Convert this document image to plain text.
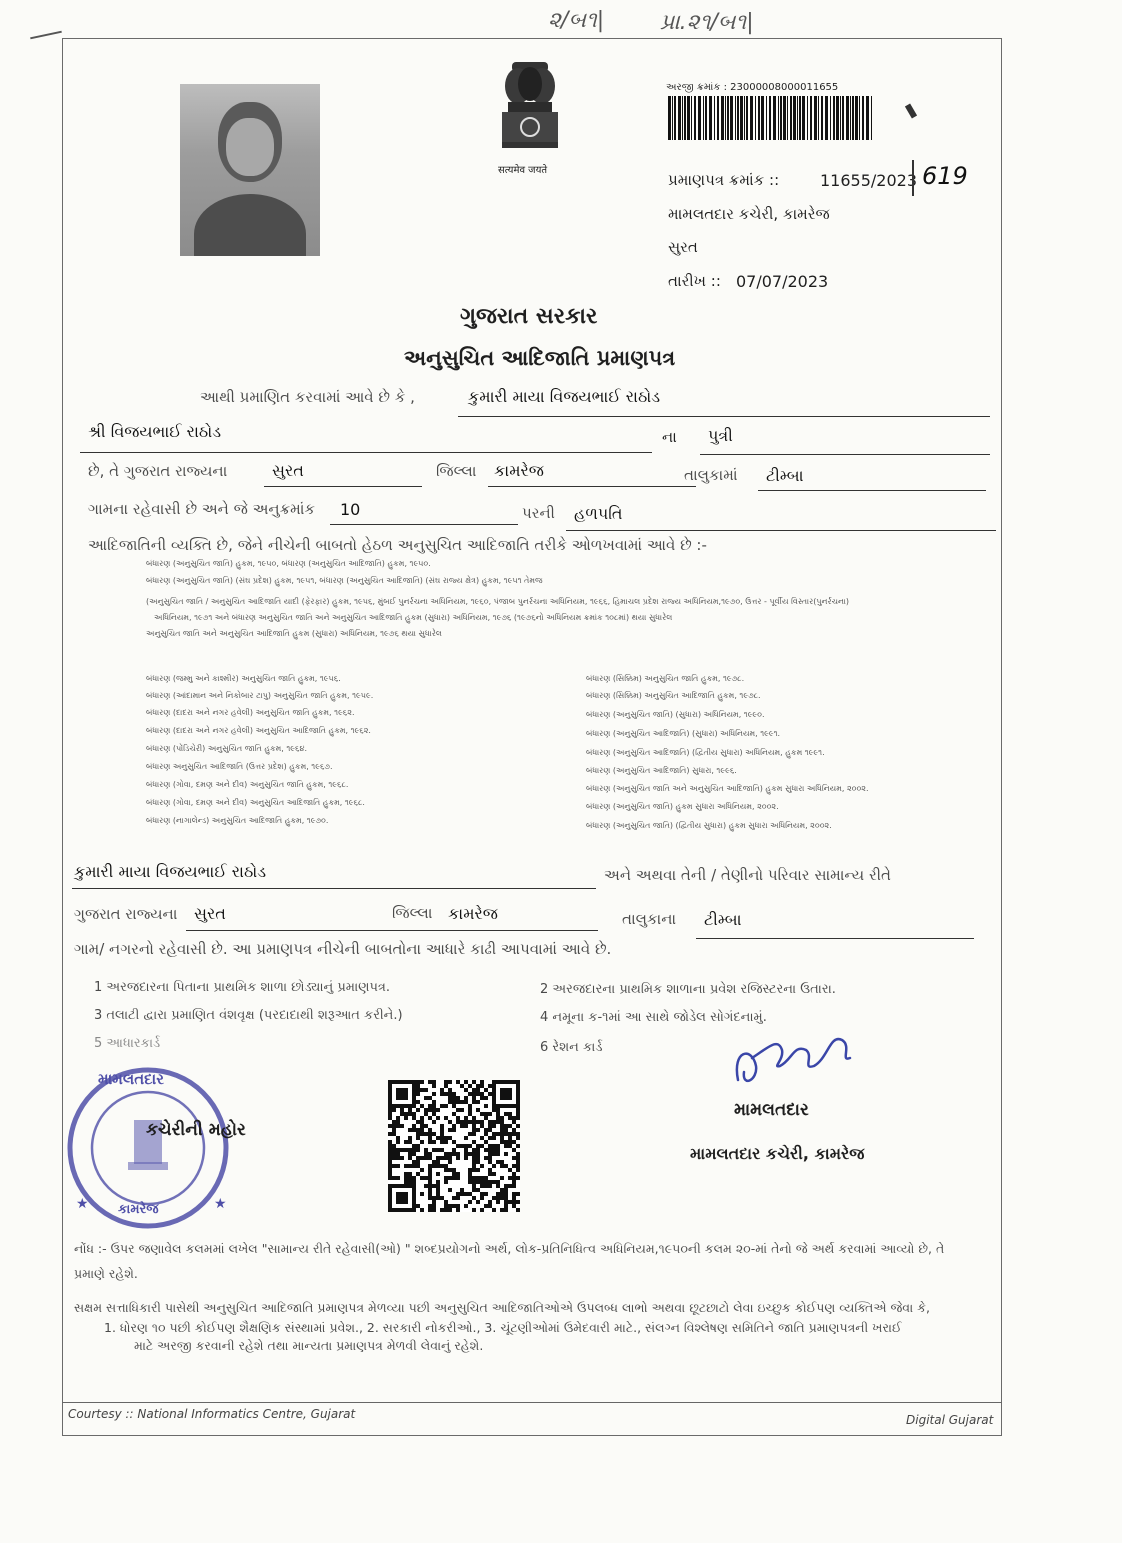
૨/બ૧|	પ્રા.૨૧/બ૧|
सत्यमेव जयते
અરજી ક્રમાંક : 23000008000011655
પ્રમાણપત્ર ક્રમાંક ::	11655/2023 619
મામલતદાર કચેરી, કામરેજ
સુરત
તારીખ :: 07/07/2023
ગુજરાત સરકાર
અનુસુચિત આદિજાતિ પ્રમાણપત્ર
આથી પ્રમાણિત કરવામાં આવે છે કે ,	કુમારી માયા વિજયભાઈ રાઠોડ
શ્રી વિજયભાઈ રાઠોડ	ના પુત્રી
છે, તે ગુજરાત રાજ્યના	સુરત	જિલ્લા કામરેજ	તાલુકામાં ટીમ્બા
ગામના રહેવાસી છે અને જે અનુક્રમાંક 10	પરની હળપતિ
આદિજાતિની વ્યક્તિ છે, જેને નીચેની બાબતો હેઠળ અનુસુચિત આદિજાતિ તરીકે ઓળખવામાં આવે છે :-
બંધારણ (અનુસુચિત જાતિ) હુકમ, ૧૯૫૦, બંધારણ (અનુસુચિત આદિજાતિ) હુકમ, ૧૯૫૦.
બંધારણ (અનુસુચિત જાતિ) (સંઘ પ્રદેશ) હુકમ, ૧૯૫૧, બંધારણ (અનુસુચિત આદિજાતિ) (સંઘ રાજ્ય ક્ષેત્ર) હુકમ, ૧૯૫૧ તેમજ
(અનુસુચિત જાતિ / અનુસુચિત આદિજાતિ યાદી (ફેરફાર) હુકમ, ૧૯૫૬, મુંબઈ પુનર્રચના અધિનિયમ, ૧૯૬૦, પંજાબ પુનર્રચના અધિનિયમ, ૧૯૬૬, હિમાચલ પ્રદેશ રાજ્ય અધિનિયમ,૧૯૭૦, ઉત્તર - પૂર્વીય વિસ્તાર(પુનર્રચના)
અધિનિયમ, ૧૯૭૧ અને બંધારણ અનુસુચિત જાતિ અને અનુસુચિત આદિજાતિ હુકમ (સુધારા) અધિનિયમ, ૧૯૭૬ (૧૯૭૬નો અધિનિયમ ક્રમાંક ૧૦૮માં) થયા સુધારેલ
અનુસુચિત જાતિ અને અનુસુચિત આદિજાતિ હુકમ (સુધારા) અધિનિયમ, ૧૯૭૬ થયા સુધારેલ
બંધારણ (જમ્મુ અને કાશ્મીર) અનુસુચિત જાતિ હુકમ, ૧૯૫૬.
બંધારણ (આંદામાન અને નિકોબાર ટાપુ) અનુસુચિત જાતિ હુકમ, ૧૯૫૯.
બંધારણ (દાદરા અને નગર હવેલી) અનુસુચિત જાતિ હુકમ, ૧૯૬૨.
બંધારણ (દાદરા અને નગર હવેલી) અનુસુચિત આદિજાતિ હુકમ, ૧૯૬૨.
બંધારણ (પોંડિચેરી) અનુસુચિત જાતિ હુકમ, ૧૯૬૪.
બંધારણ અનુસુચિત આદિજાતિ (ઉત્તર પ્રદેશ) હુકમ, ૧૯૬૭.
બંધારણ (ગોવા, દમણ અને દીવ) અનુસુચિત જાતિ હુકમ, ૧૯૬૮.
બંધારણ (ગોવા, દમણ અને દીવ) અનુસુચિત આદિજાતિ હુકમ, ૧૯૬૮.
બંધારણ (નાગાલેન્ડ) અનુસુચિત આદિજાતિ હુકમ, ૧૯૭૦.
બંધારણ (સિક્કિમ) અનુસુચિત જાતિ હુકમ, ૧૯૭૮.
બંધારણ (સિક્કિમ) અનુસુચિત આદિજાતિ હુકમ, ૧૯૭૮.
બંધારણ (અનુસુચિત જાતિ) (સુધારા) અધિનિયમ, ૧૯૯૦.
બંધારણ (અનુસુચિત આદિજાતિ) (સુધારા) અધિનિયમ, ૧૯૯૧.
બંધારણ (અનુસુચિત આદિજાતિ) (દ્વિતીય સુધારા) અધિનિયમ, હુકમ ૧૯૯૧.
બંધારણ (અનુસુચિત આદિજાતિ) સુધારા, ૧૯૯૬.
બંધારણ (અનુસુચિત જાતિ અને અનુસુચિત આદિજાતિ) હુકમ સુધારા અધિનિયમ, ૨૦૦૨.
બંધારણ (અનુસુચિત જાતિ) હુકમ સુધારા અધિનિયમ, ૨૦૦૨.
બંધારણ (અનુસુચિત જાતિ) (દ્વિતીય સુધારા) હુકમ સુધારા અધિનિયમ, ૨૦૦૨.
કુમારી માયા વિજયભાઈ રાઠોડ	અને અથવા તેની / તેણીનો પરિવાર સામાન્ય રીતે
ગુજરાત રાજ્યના સુરત	જિલ્લા કામરેજ	તાલુકાના ટીમ્બા
ગામ/ નગરનો રહેવાસી છે. આ પ્રમાણપત્ર નીચેની બાબતોના આધારે કાઢી આપવામાં આવે છે.
1 અરજદારના પિતાના પ્રાથમિક શાળા છોડ્યાનું પ્રમાણપત્ર.	2 અરજદારના પ્રાથમિક શાળાના પ્રવેશ રજિસ્ટરના ઉતારા.
3 તલાટી દ્વારા પ્રમાણિત વંશવૃક્ષ (પરદાદાથી શરૂઆત કરીને.)	4 નમૂના ક-૧માં આ સાથે જોડેલ સોગંદનામું.
5 આધારકાર્ડ	6 રેશન કાર્ડ
★
★
મામલતદાર
કામરેજ
કચેરીની મહોર
મામલતદાર
મામલતદાર કચેરી, કામરેજ
નોંધ :- ઉપર જણાવેલ કલમમાં લખેલ "સામાન્ય રીતે રહેવાસી(ઓ) " શબ્દપ્રયોગનો અર્થ, લોક-પ્રતિનિધિત્વ અધિનિયમ,૧૯૫૦ની કલમ ૨૦-માં તેનો જે અર્થ કરવામાં આવ્યો છે, તે
પ્રમાણે રહેશે.
સક્ષમ સત્તાધિકારી પાસેથી અનુસુચિત આદિજાતિ પ્રમાણપત્ર મેળવ્યા પછી અનુસુચિત આદિજાતિઓએ ઉપલબ્ધ લાભો અથવા છૂટછાટો લેવા ઇચ્છુક કોઈપણ વ્યક્તિએ જેવા કે,
1. ધોરણ ૧૦ પછી કોઈપણ શૈક્ષણિક સંસ્થામાં પ્રવેશ., 2. સરકારી નોકરીઓ., 3. ચૂંટણીઓમાં ઉમેદવારી માટે., સંલગ્ન વિશ્લેષણ સમિતિને જાતિ પ્રમાણપત્રની ખરાઈ
માટે અરજી કરવાની રહેશે તથા માન્યતા પ્રમાણપત્ર મેળવી લેવાનું રહેશે.
Courtesy :: National Informatics Centre, Gujarat	Digital Gujarat
